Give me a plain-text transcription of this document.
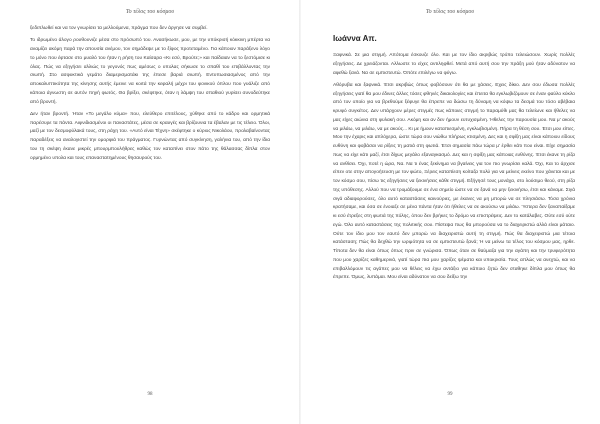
Το τέλος του κόσμου

ξεδιπλωθεί και να τον γνωρίσει τα μελλούμενα, πράγμα που δεν άργησε να συμβεί.

Το ιδρωμένο άλογο ρουθουνιζε μέσα στο πρόσωπό του. Ανασήκωσε, μου, με την υπόκρισή κόκκινη μπέρτα να αναμίζει ακόμη παρά την απουσία ανέμου, τον σημάδεψε με το ξίφος προτεταμένο. Για κάποιον παράξενο λόγο το μόνο που έφτασε στο μυαλό του ήταν η ρήση του Καίσαρα «Κι εσύ, Βρούτε;» και παίδαιαν να το ξεστόμισε κι όλας. Πώς να εξηγήσει αλλιώς το γεγονός πως αμέσως ο υπολας σήκωσε το σπαθί του επιβάλλοντας την σιωπή. Στο ασφυκτικά γεμάτο διαμερισματάκι της έπεσε βαριά σιωπή. Εντυπωσιασμένος από την αποκαλυπτικότητα της κίνησης αυτής έμεινε να κοιτά την κεφαλή μέχρι του φονικού όπλου που γυάλιζε από κάποια άγνωστη σε αυτόν πηγή φωτός. Θα βρίξει, σκέφτηκε, όταν η λάμψη του σπαθιού γυρίσει συνοδεύτηκε από βροντή.

Δεν ήταν βροντή. Ήταν «Το μεγάλο κύμα» που, ελεύθερο επιτέλους, χύθηκε από το κάδρο και ορμητικά παρέσυρε τα πάντα. Αιφνιδιασμένοι οι παναστάτες, μέσα σε κραυγές και βρίζουνια τα έβαλαν με τις τέλειο. Όλοι, μαζί με τον δεσμοφύλακά τους, στη ράχη του. «Αυτό είναι Τέχνη» σκέφτηκε ο κύριος Νικολάου, προλαβαίνοντας παραδέξεις να αναλογιστεί την ομορφιά του πράγματος. Γυρνώντας από συγκίνηση, γαλήνια του, από την ίδια του τη σκέψη έκανε μικρές μπουρμπουλήθρες καθώς τον καταπίνει στον πάτο της θάλασσας δίπλα στον ορμημένο υπολα και τους επαναστατημένους θησαυρούς του.

98
Το τέλος του κόσμου
Ιωάννα Απ.

Ξαφνικά. Σε μια στιγμή. Απότομα έσκουζε όλο. Και με τον ίδιο ακριβώς τρόπο τελειώσουν. Χωρίς πολλές εξηγήσεις. Δε χρειάζονται. Αλλωστε το είχες αντιληφθεί. Μετά από αυτή σου την πράξη μού ήταν αδύνατον να αφεθώ ξανά. Να σε εμπιστευτώ. Όπότε επιλέγω να φύγω.

Αθόρυβα και ξαφνικά. Έτσι ακριβώς όπως φοβόσουν ότι θα με χάσεις. Εχεις δίκιο. Δεν σου έδωσα πολλές εξηγήσεις γιατί θα μου έδινες άλλες τόσες φθηνές δικαιολογίες και έπειτα θα εγκλωβιζόμουν σε έναν φαύλο κύκλο από τον οποίο για να βρεθούμε ξέφυγε θα έπρεπε να δώσω τη δύναμη να κόψω τα δεσμά του τόσο αβέβαια κρυφό συγκέτος. Δεν υπάρχουν μέρες στιγμές πως κάποιες στιγμή το παραμύθι μας θα τελείωνε και ήθελες να μας είχες αιώνια στη φυλακή σου. Ακόμη και αν δεν ήμουν ευτυχισμένη. Ήθελες την παρουσία μου. Να μ' ακούς να μιλάω, να μιλάω, να με ακούς... Κι με ήμουν καταπιεσμένη, εγκλωβισμένη. Πήρα τη θέση σου. Έτσι μου είπες. Μου την έχαρις και απλόχερα, ώστε τώρα σου νιώθω πλήρως κτισμένη. Δες και η σφίξη μας είναι κάποιου είδους ευθύνη και φοβάσαι να ρίξεις τη ματιά στη φωτιά. Έτσι σημασία πάω τώρα μ' έρθει κάτι που είναι. Είχε σημασία πως να είχε κάτι μαζί, έτσι δίχως μεγάλο εξαναγκασμό. Δες και η σφίξη μας κάποιας ευθύνης. Έτσι έκανε τη ρίζα να ανθίσει. Όχι, ποτέ η ώρα, Να. Να τι ένας ξεκίνημα να βγαίνεις για τον πιο γνωρίσει καλά. Όχι, Και το άρχισε είπεν οτε στην απογοήτευση με τον φώτο, Ξέρεις καταπίεση κοίταζα πολύ για να μείνεις εκείνο που χάνεται και με τον κόσμο σου, πίσω τις εξηγήσεις να ξεκινήσεις κάθε στιγμή. Εξήγησέ τους μονάχα, στο λούσιμο θεού, στη ρίζα της υπόθεσης. Αλλού που να τρομάξουμε σε ένα σημείο ώστε να σε ξανά να μην ξεκινήσω, έτσι και κάναμε. Σιγά σιγά αδιαφορούσες, όλο αυτό καταστάσεις καινούριες, με έκανες να μη μπορώ να σε πλησιάσω. Τόσα χρόνια κρατήσαμε, και όσα σε ένοιαζε σε μένα πάντα ήταν ότι ήθελες να σε ακούσω να μιλάω. Ύστερα δεν ξαναπαίξαμε κι εσύ έτρεξες στη φωτιά της πόλης, όπου δεν βρήκες το δρόμο να επιστρέψεις. Δεν το κατάλαβες. Ούτε εσύ ούτε εγώ. Όλο αυτό καταστάσεις της πολιτικής σου. Πίστεψα πως θα μπορούσα να το διαχειριστώ αλλά είναι μάταιο. Ούτε τον ίδιο μου τον εαυτό δεν μπορώ να διαχειριστώ αυτή τη στιγμή. Πώς θα διαχειριστώ μια τέτοια κατάσταση; Πώς θα δεχθώ την ωριμότητα να σε εμπιστευτώ ξανά; Ή να μείνω τα τέλος του κόσμου μας, ηρθε. Τίποτα δεν θα είναι όπως όπως πριν σε γνώρισα. Όπως όταν σε θαύμαζα για την αγάπη και την τρυφερότητα που μου χαρίζες καθημερινά, γιατί τώρα πια μου χαρίζες ψέματα και υποκρισία. Τους απλώς να ανεχτώ, και να επιβαλλόμουν τις αγάπες μου να θέλεις να έχω αντάξιο για κάποιο ζητώ δεν σταθηκε δίπλα μου όπως θα έπρεπε. Όμως, λυπάμαι. Μου είναι αδύνατον να σου δείξω την

99
